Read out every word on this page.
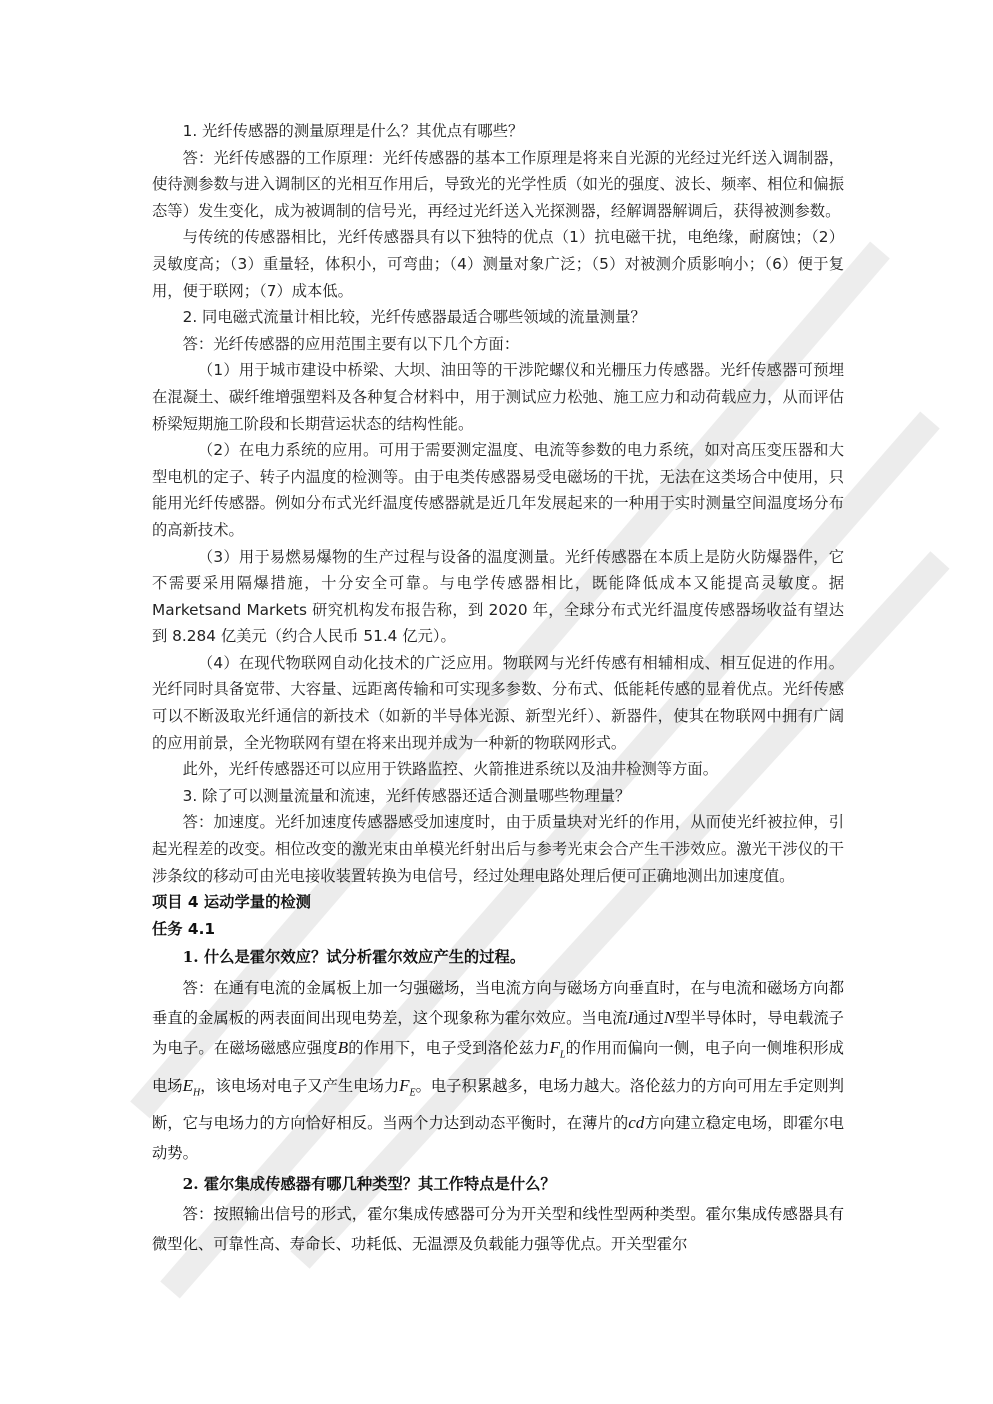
1. 光纤传感器的测量原理是什么？其优点有哪些？

答：光纤传感器的工作原理：光纤传感器的基本工作原理是将来自光源的光经过光纤送入调制器，使待测参数与进入调制区的光相互作用后，导致光的光学性质（如光的强度、波长、频率、相位和偏振态等）发生变化，成为被调制的信号光，再经过光纤送入光探测器，经解调器解调后，获得被测参数。

与传统的传感器相比，光纤传感器具有以下独特的优点（1）抗电磁干扰，电绝缘，耐腐蚀；（2）灵敏度高；（3）重量轻，体积小，可弯曲；（4）测量对象广泛；（5）对被测介质影响小；（6）便于复用，便于联网；（7）成本低。

2. 同电磁式流量计相比较，光纤传感器最适合哪些领域的流量测量？

答：光纤传感器的应用范围主要有以下几个方面：

（1）用于城市建设中桥梁、大坝、油田等的干涉陀螺仪和光栅压力传感器。光纤传感器可预埋在混凝土、碳纤维增强塑料及各种复合材料中，用于测试应力松弛、施工应力和动荷载应力，从而评估桥梁短期施工阶段和长期营运状态的结构性能。

（2）在电力系统的应用。可用于需要测定温度、电流等参数的电力系统，如对高压变压器和大型电机的定子、转子内温度的检测等。由于电类传感器易受电磁场的干扰，无法在这类场合中使用，只能用光纤传感器。例如分布式光纤温度传感器就是近几年发展起来的一种用于实时测量空间温度场分布的高新技术。

（3）用于易燃易爆物的生产过程与设备的温度测量。光纤传感器在本质上是防火防爆器件，它不需要采用隔爆措施，十分安全可靠。与电学传感器相比，既能降低成本又能提高灵敏度。据 Marketsand Markets 研究机构发布报告称，到 2020 年，全球分布式光纤温度传感器场收益有望达到 8.284 亿美元（约合人民币 51.4 亿元）。

（4）在现代物联网自动化技术的广泛应用。物联网与光纤传感有相辅相成、相互促进的作用。光纤同时具备宽带、大容量、远距离传输和可实现多参数、分布式、低能耗传感的显着优点。光纤传感可以不断汲取光纤通信的新技术（如新的半导体光源、新型光纤）、新器件，使其在物联网中拥有广阔的应用前景，全光物联网有望在将来出现并成为一种新的物联网形式。

此外，光纤传感器还可以应用于铁路监控、火箭推进系统以及油井检测等方面。

3. 除了可以测量流量和流速，光纤传感器还适合测量哪些物理量？

答：加速度。光纤加速度传感器感受加速度时，由于质量块对光纤的作用，从而使光纤被拉伸，引起光程差的改变。相位改变的激光束由单模光纤射出后与参考光束会合产生干涉效应。激光干涉仪的干涉条纹的移动可由光电接收装置转换为电信号，经过处理电路处理后便可正确地测出加速度值。

项目 4 运动学量的检测

任务 4.1

1. 什么是霍尔效应？试分析霍尔效应产生的过程。

答：在通有电流的金属板上加一匀强磁场，当电流方向与磁场方向垂直时，在与电流和磁场方向都垂直的金属板的两表面间出现电势差，这个现象称为霍尔效应。当电流I通过N型半导体时，导电载流子为电子。在磁场磁感应强度B的作用下，电子受到洛伦兹力$F_L$的作用而偏向一侧，电子向一侧堆积形成电场$E_H$，该电场对电子又产生电场力$F_E$。电子积累越多，电场力越大。洛伦兹力的方向可用左手定则判断，它与电场力的方向恰好相反。当两个力达到动态平衡时，在薄片的cd方向建立稳定电场，即霍尔电动势。

2. 霍尔集成传感器有哪几种类型？其工作特点是什么？

答：按照输出信号的形式，霍尔集成传感器可分为开关型和线性型两种类型。霍尔集成传感器具有微型化、可靠性高、寿命长、功耗低、无温漂及负载能力强等优点。开关型霍尔
